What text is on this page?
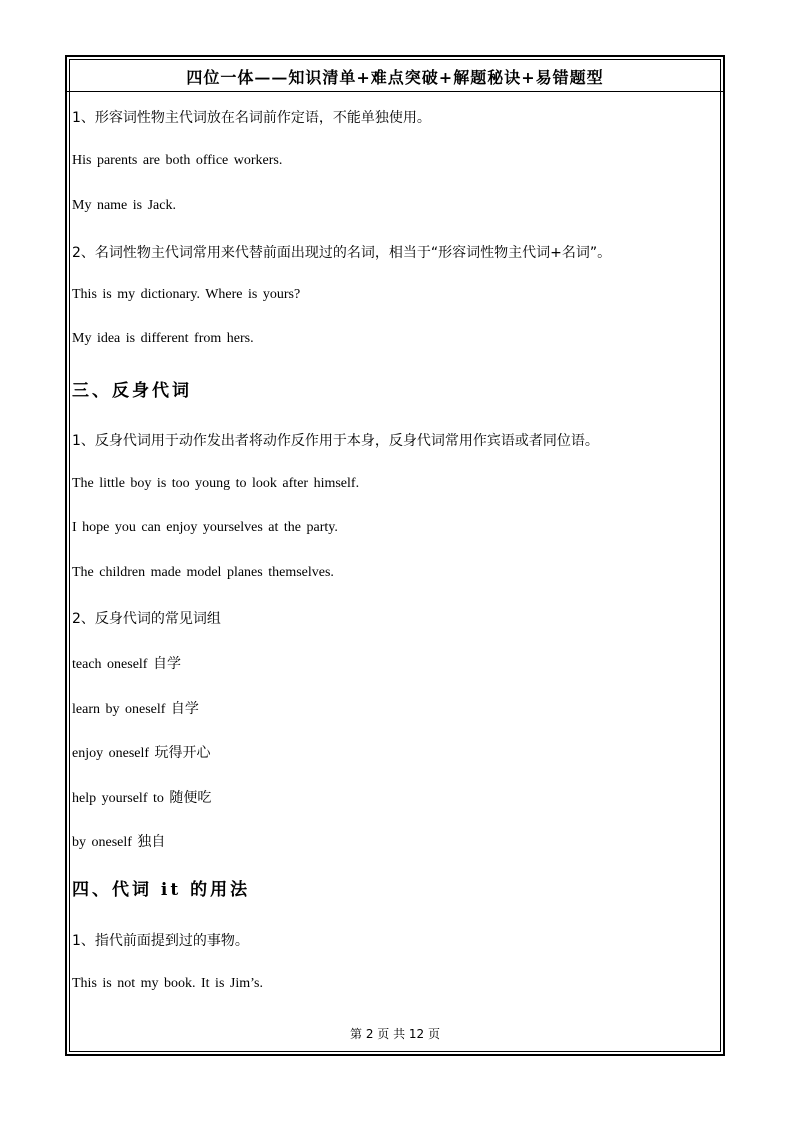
四位一体——知识清单+难点突破+解题秘诀+易错题型
1、形容词性物主代词放在名词前作定语，不能单独使用。
His parents are both office workers.
My name is Jack.
2、名词性物主代词常用来代替前面出现过的名词，相当于“形容词性物主代词+名词”。
This is my dictionary. Where is yours?
My idea is different from hers.
三、反身代词
1、反身代词用于动作发出者将动作反作用于本身，反身代词常用作宾语或者同位语。
The little boy is too young to look after himself.
I hope you can enjoy yourselves at the party.
The children made model planes themselves.
2、反身代词的常见词组
teach oneself 自学
learn by oneself 自学
enjoy oneself 玩得开心
help yourself to 随便吃
by oneself 独自
四、代词 it 的用法
1、指代前面提到过的事物。
This is not my book. It is Jim’s.
第 2 页 共 12 页
